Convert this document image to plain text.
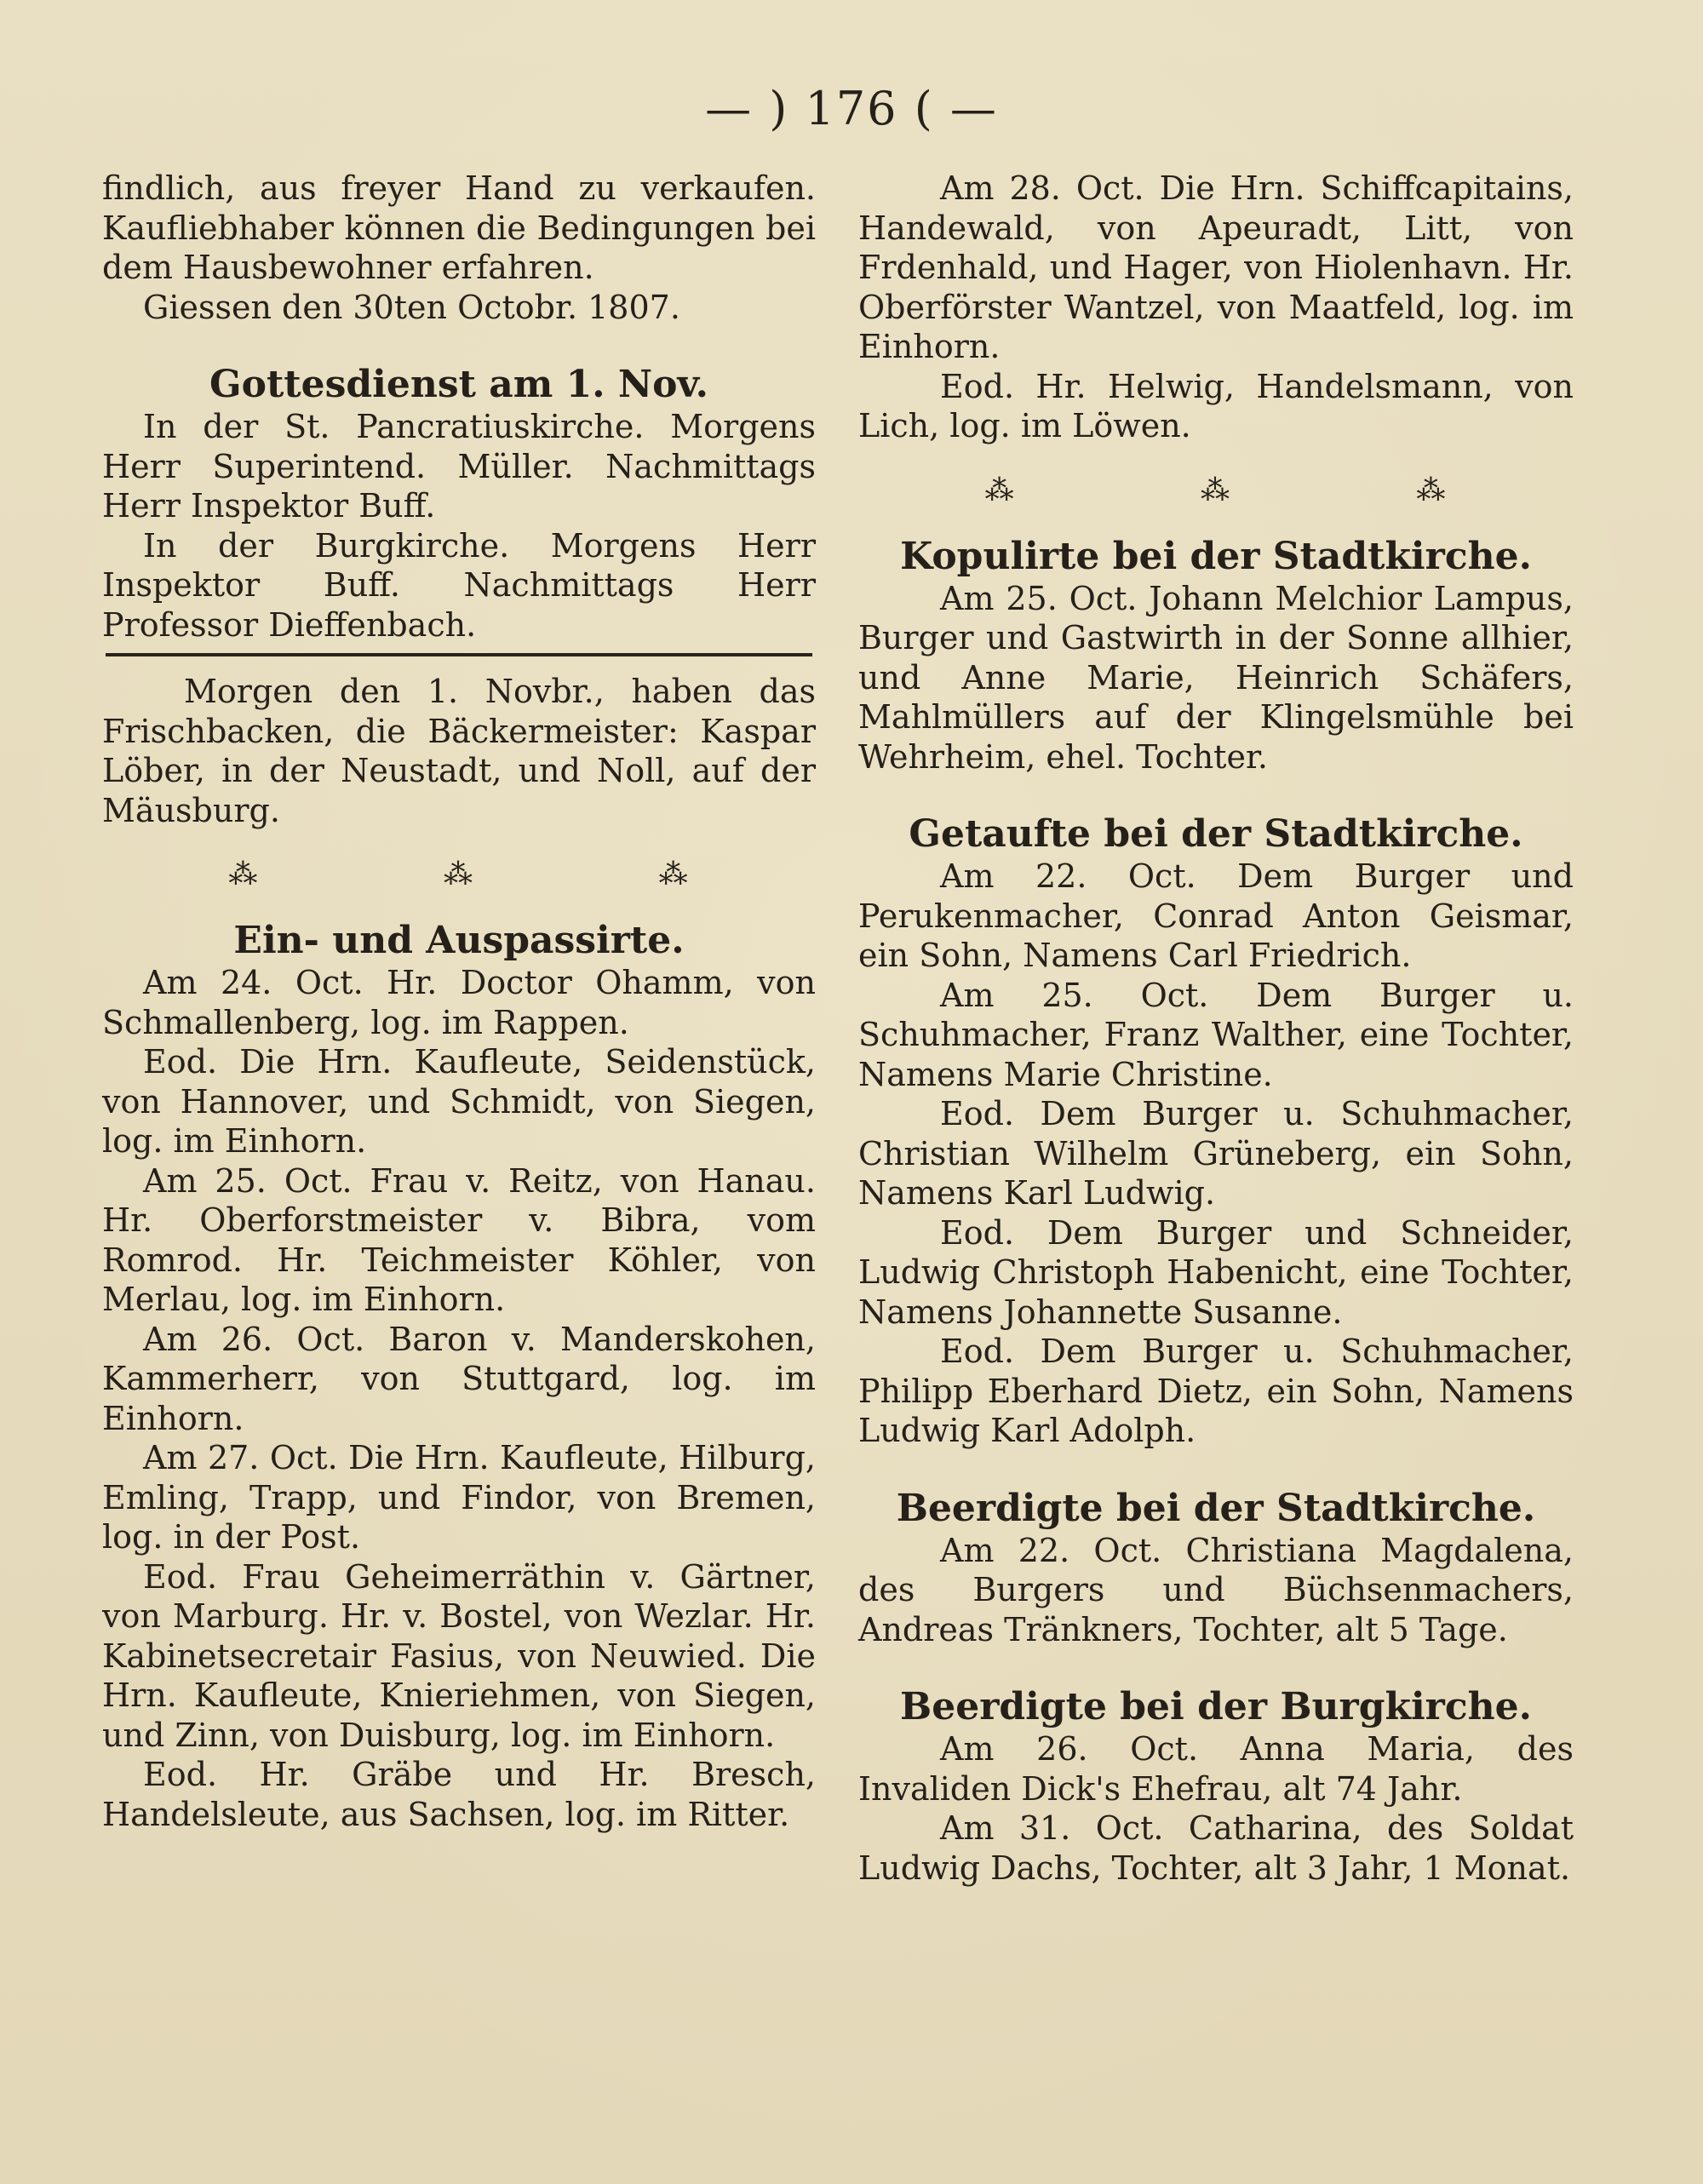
— ) 176 ( —

findlich, aus freyer Hand zu verkaufen. Kaufliebhaber können die Bedingungen bei dem Hausbewohner erfahren.

Giessen den 30ten Octobr. 1807.

Gottesdienst am 1. Nov.

In der St. Pancratiuskirche. Morgens Herr Superintend. Müller. Nachmittags Herr Inspektor Buff.

In der Burgkirche. Morgens Herr Inspektor Buff. Nachmittags Herr Professor Dieffenbach.

Morgen den 1. Novbr., haben das Frischbacken, die Bäckermeister: Kaspar Löber, in der Neustadt, und Noll, auf der Mäusburg.

⁂	⁂	⁂

Ein- und Auspassirte.

Am 24. Oct. Hr. Doctor Ohamm, von Schmallenberg, log. im Rappen.

Eod. Die Hrn. Kaufleute, Seidenstück, von Hannover, und Schmidt, von Siegen, log. im Einhorn.

Am 25. Oct. Frau v. Reitz, von Hanau. Hr. Oberforstmeister v. Bibra, vom Romrod. Hr. Teichmeister Köhler, von Merlau, log. im Einhorn.

Am 26. Oct. Baron v. Manderskohen, Kammerherr, von Stuttgard, log. im Einhorn.

Am 27. Oct. Die Hrn. Kaufleute, Hilburg, Emling, Trapp, und Findor, von Bremen, log. in der Post.

Eod. Frau Geheimerräthin v. Gärtner, von Marburg. Hr. v. Bostel, von Wezlar. Hr. Kabinetsecretair Fasius, von Neuwied. Die Hrn. Kaufleute, Knieriehmen, von Siegen, und Zinn, von Duisburg, log. im Einhorn.

Eod. Hr. Gräbe und Hr. Bresch, Handelsleute, aus Sachsen, log. im Ritter.

Am 28. Oct. Die Hrn. Schiffcapitains, Handewald, von Apeuradt, Litt, von Frdenhald, und Hager, von Hiolenhavn. Hr. Oberförster Wantzel, von Maatfeld, log. im Einhorn.

Eod. Hr. Helwig, Handelsmann, von Lich, log. im Löwen.

⁂	⁂	⁂

Kopulirte bei der Stadtkirche.

Am 25. Oct. Johann Melchior Lampus, Burger und Gastwirth in der Sonne allhier, und Anne Marie, Heinrich Schäfers, Mahlmüllers auf der Klingelsmühle bei Wehrheim, ehel. Tochter.

Getaufte bei der Stadtkirche.

Am 22. Oct. Dem Burger und Perukenmacher, Conrad Anton Geismar, ein Sohn, Namens Carl Friedrich.

Am 25. Oct. Dem Burger u. Schuhmacher, Franz Walther, eine Tochter, Namens Marie Christine.

Eod. Dem Burger u. Schuhmacher, Christian Wilhelm Grüneberg, ein Sohn, Namens Karl Ludwig.

Eod. Dem Burger und Schneider, Ludwig Christoph Habenicht, eine Tochter, Namens Johannette Susanne.

Eod. Dem Burger u. Schuhmacher, Philipp Eberhard Dietz, ein Sohn, Namens Ludwig Karl Adolph.

Beerdigte bei der Stadtkirche.

Am 22. Oct. Christiana Magdalena, des Burgers und Büchsenmachers, Andreas Tränkners, Tochter, alt 5 Tage.

Beerdigte bei der Burgkirche.

Am 26. Oct. Anna Maria, des Invaliden Dick's Ehefrau, alt 74 Jahr.

Am 31. Oct. Catharina, des Soldat Ludwig Dachs, Tochter, alt 3 Jahr, 1 Monat.
